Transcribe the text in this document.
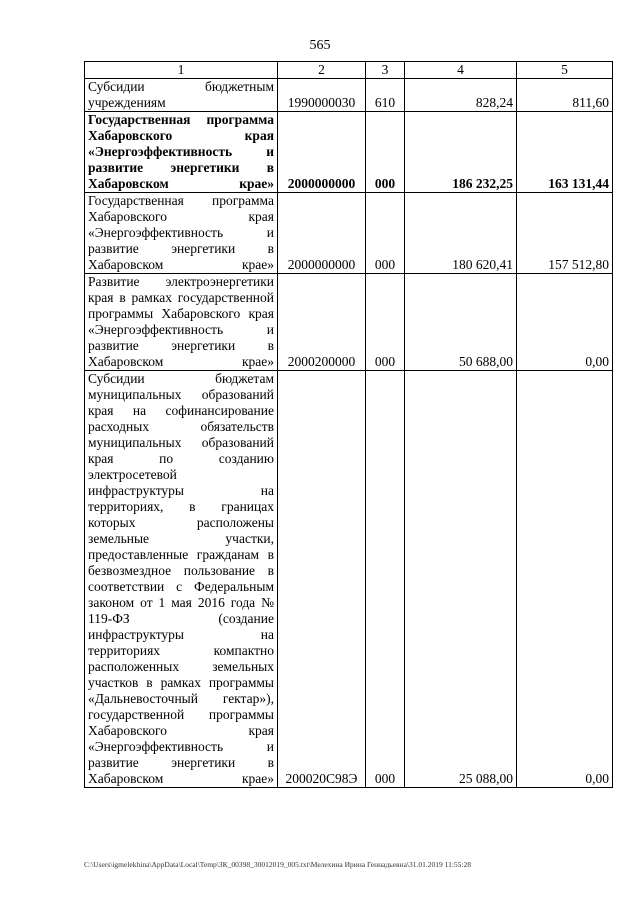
565
1	2	3	4	5
Субсидии бюджетным учреждениям	1990000030	610	828,24	811,60
Государственная программа Хабаровского края «Энергоэффективность и развитие энергетики в Хабаровском крае»	2000000000	000	186 232,25	163 131,44
Государственная программа Хабаровского края «Энергоэффективность и развитие энергетики в Хабаровском крае»	2000000000	000	180 620,41	157 512,80
Развитие электроэнергетики края в рамках государственной программы Хабаровского края «Энергоэффективность и развитие энергетики в Хабаровском крае»	2000200000	000	50 688,00	0,00
Субсидии бюджетам муниципальных образований края на софинансирование расходных обязательств муниципальных образований края по созданию электросетевой инфраструктуры на территориях, в границах которых расположены земельные участки, предоставленные гражданам в безвозмездное пользование в соответствии с Федеральным законом от 1 мая 2016 года № 119-ФЗ (создание инфраструктуры на территориях компактно расположенных земельных участков в рамках программы «Дальневосточный гектар»), государственной программы Хабаровского края «Энергоэффективность и развитие энергетики в Хабаровском крае»	200020С98Э	000	25 088,00	0,00
C:\Users\igmelekhina\AppData\Local\Temp\ЗК_00398_30012019_005.txt\Мелехина Ирина Геннадьевна\31.01.2019 11:55:28
